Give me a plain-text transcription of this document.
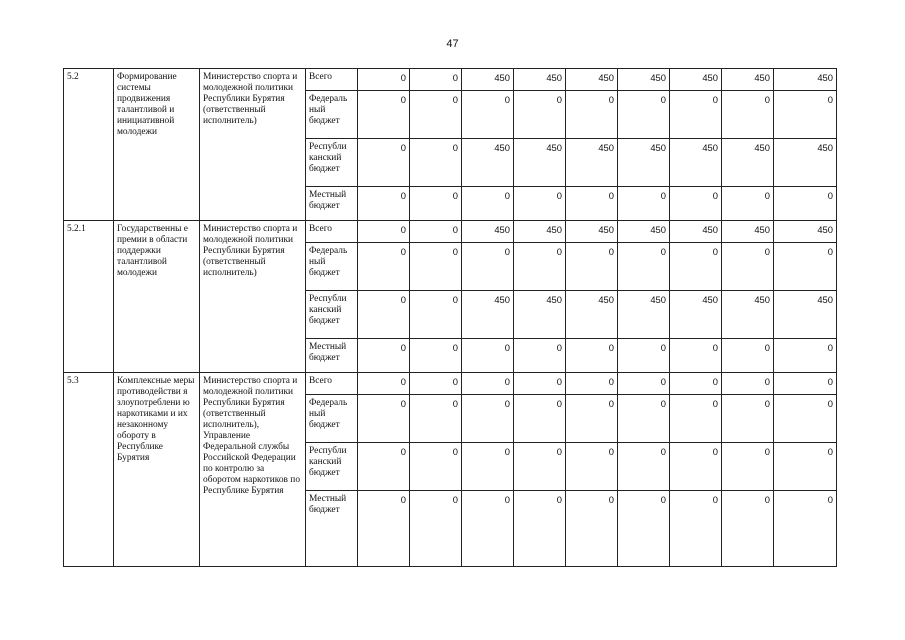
47
5.2	Формирование системы продвижения талантливой и инициативной молодежи	Министерство спорта и молодежной политики Республики Бурятия (ответственный исполнитель)	Всего	0	0	450	450	450	450	450	450	450
			Федераль ный бюджет	0	0	0	0	0	0	0	0	0
			Республи канский бюджет	0	0	450	450	450	450	450	450	450
			Местный бюджет	0	0	0	0	0	0	0	0	0
5.2.1	Государственны е премии в области поддержки талантливой молодежи	Министерство спорта и молодежной политики Республики Бурятия (ответственный исполнитель)	Всего	0	0	450	450	450	450	450	450	450
			Федераль ный бюджет	0	0	0	0	0	0	0	0	0
			Республи канский бюджет	0	0	450	450	450	450	450	450	450
			Местный бюджет	0	0	0	0	0	0	0	0	0
5.3	Комплексные меры противодействи я злоупотреблени ю наркотиками и их незаконному обороту в Республике Бурятия	Министерство спорта и молодежной политики Республики Бурятия (ответственный исполнитель), Управление Федеральной службы Российской Федерации по контролю за оборотом наркотиков по Республике Бурятия	Всего	0	0	0	0	0	0	0	0	0
			Федераль ный бюджет	0	0	0	0	0	0	0	0	0
			Республи канский бюджет	0	0	0	0	0	0	0	0	0
			Местный бюджет	0	0	0	0	0	0	0	0	0
